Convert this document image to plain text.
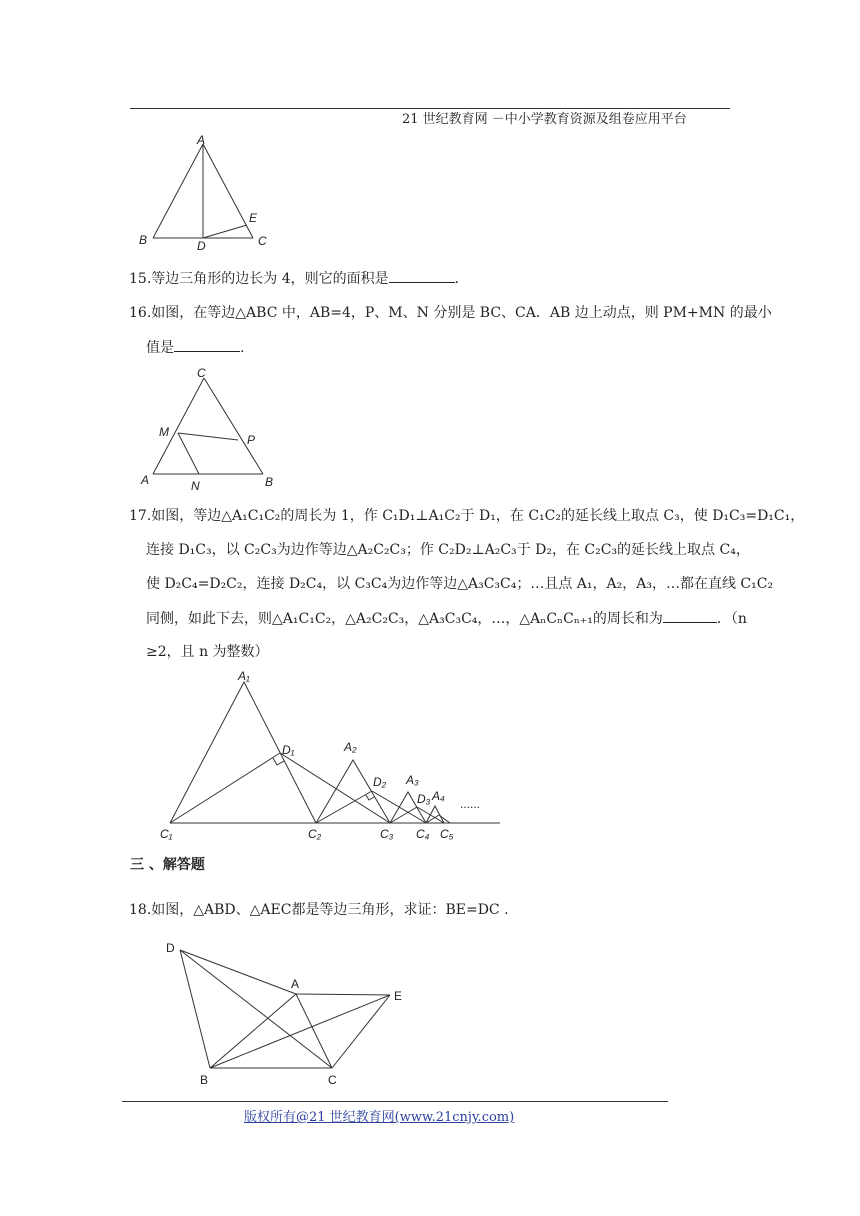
21 世纪教育网 －中小学教育资源及组卷应用平台
A
B	D
E
C
15.等边三角形的边长为 4，则它的面积是	.
16.如图，在等边△ABC 中，AB=4，P、M、N 分别是 BC、CA．AB 边上动点，则 PM+MN 的最小
值是	.
C
M
P
A	N	B
17.如图，等边△A₁C₁C₂的周长为 1，作 C₁D₁⊥A₁C₂于 D₁，在 C₁C₂的延长线上取点 C₃，使 D₁C₃=D₁C₁，
连接 D₁C₃，以 C₂C₃为边作等边△A₂C₂C₃；作 C₂D₂⊥A₂C₃于 D₂，在 C₂C₃的延长线上取点 C₄，
使 D₂C₄=D₂C₂，连接 D₂C₄，以 C₃C₄为边作等边△A₃C₃C₄；…且点 A₁，A₂，A₃，…都在直线 C₁C₂
同侧，如此下去，则△A₁C₁C₂，△A₂C₂C₃，△A₃C₃C₄，…，△AₙCₙCₙ₊₁的周长和为	．（n
≥2，且 n 为整数）
A₁
D₁	A₂
D₂ A₃
D₃ A₄
......
C₁	C₂	C₃ C₄ C₅
三 、解答题
18.如图，△ABD、△AEC都是等边三角形，求证：BE=DC .
D
A
E
B	C
版权所有@21 世纪教育网(www.21cnjy.com)
